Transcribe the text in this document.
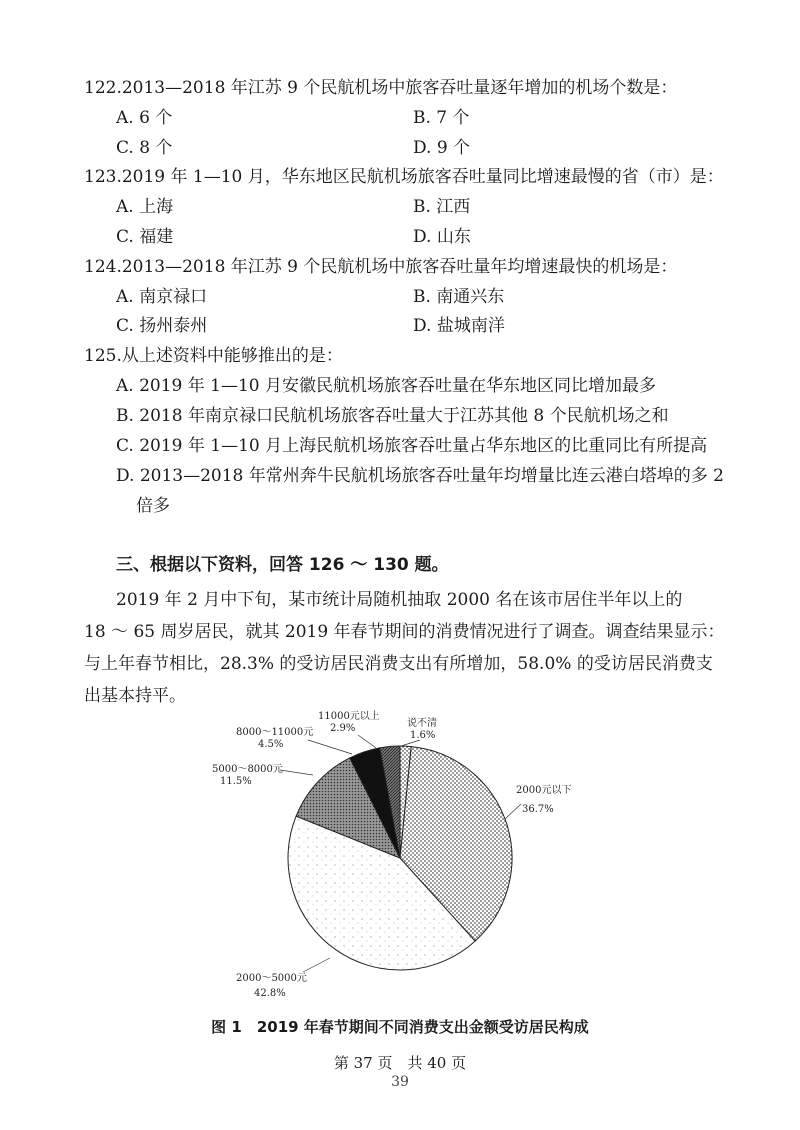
122.2013—2018 年江苏 9 个民航机场中旅客吞吐量逐年增加的机场个数是：
A. 6 个	B. 7 个
C. 8 个	D. 9 个
123.2019 年 1—10 月，华东地区民航机场旅客吞吐量同比增速最慢的省（市）是：
A. 上海	B. 江西
C. 福建	D. 山东
124.2013—2018 年江苏 9 个民航机场中旅客吞吐量年均增速最快的机场是：
A. 南京禄口	B. 南通兴东
C. 扬州泰州	D. 盐城南洋
125.从上述资料中能够推出的是：
A. 2019 年 1—10 月安徽民航机场旅客吞吐量在华东地区同比增加最多
B. 2018 年南京禄口民航机场旅客吞吐量大于江苏其他 8 个民航机场之和
C. 2019 年 1—10 月上海民航机场旅客吞吐量占华东地区的比重同比有所提高
D. 2013—2018 年常州奔牛民航机场旅客吞吐量年均增量比连云港白塔埠的多 2
倍多
三、根据以下资料，回答 126 ～ 130 题。
2019 年 2 月中下旬，某市统计局随机抽取 2000 名在该市居住半年以上的
18 ～ 65 周岁居民，就其 2019 年春节期间的消费情况进行了调查。调查结果显示：
与上年春节相比，28.3% 的受访居民消费支出有所增加，58.0% 的受访居民消费支
出基本持平。
11000元以上
2.9%	说不清
1.6%
8000～11000元
4.5%
5000～8000元
11.5%
2000元以下
36.7%
2000～5000元
42.8%
图 1　2019 年春节期间不同消费支出金额受访居民构成
第 37 页　共 40 页
39
